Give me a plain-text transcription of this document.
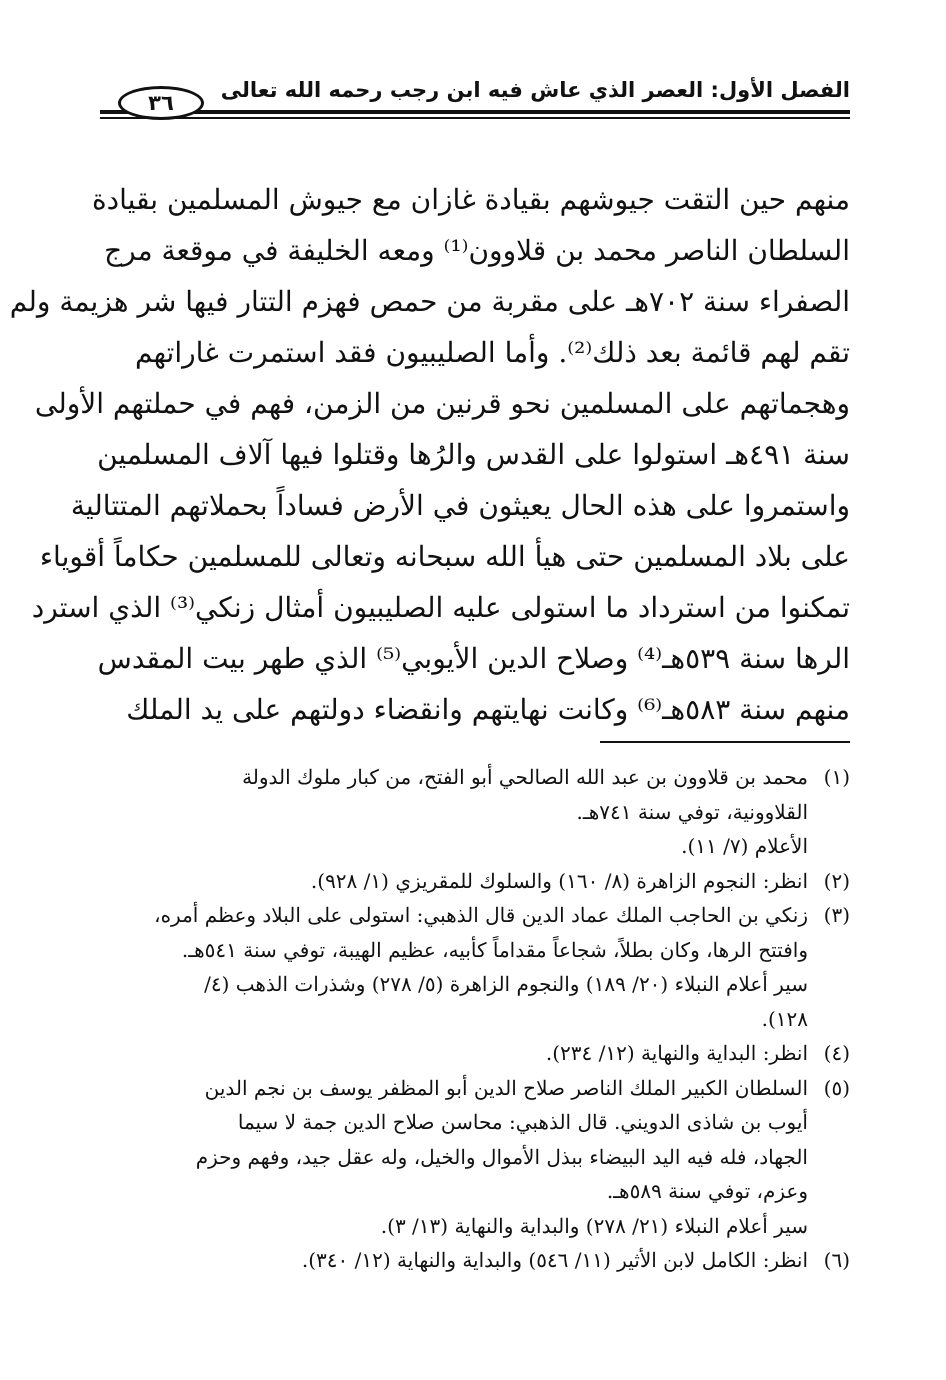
الفصل الأول: العصر الذي عاش فيه ابن رجب رحمه الله تعالى
٣٦
منهم حين التقت جيوشهم بقيادة غازان مع جيوش المسلمين بقيادة
السلطان الناصر محمد بن قلاوون⁽¹⁾ ومعه الخليفة في موقعة مرج
الصفراء سنة ٧٠٢هـ على مقربة من حمص فهزم التتار فيها شر هزيمة ولم
تقم لهم قائمة بعد ذلك⁽²⁾. وأما الصليبيون فقد استمرت غاراتهم
وهجماتهم على المسلمين نحو قرنين من الزمن، فهم في حملتهم الأولى
سنة ٤٩١هـ استولوا على القدس والرُها وقتلوا فيها آلاف المسلمين
واستمروا على هذه الحال يعيثون في الأرض فساداً بحملاتهم المتتالية
على بلاد المسلمين حتى هيأ الله سبحانه وتعالى للمسلمين حكاماً أقوياء
تمكنوا من استرداد ما استولى عليه الصليبيون أمثال زنكي⁽³⁾ الذي استرد
الرها سنة ٥٣٩هـ⁽⁴⁾ وصلاح الدين الأيوبي⁽⁵⁾ الذي طهر بيت المقدس
منهم سنة ٥٨٣هـ⁽⁶⁾ وكانت نهايتهم وانقضاء دولتهم على يد الملك
(١)
محمد بن قلاوون بن عبد الله الصالحي أبو الفتح، من كبار ملوك الدولة
القلاوونية، توفي سنة ٧٤١هـ.
الأعلام (٧/ ١١).
(٢)
انظر: النجوم الزاهرة (٨/ ١٦٠) والسلوك للمقريزي (١/ ٩٢٨).
(٣)
زنكي بن الحاجب الملك عماد الدين قال الذهبي: استولى على البلاد وعظم أمره،
وافتتح الرها، وكان بطلاً، شجاعاً مقداماً كأبيه، عظيم الهيبة، توفي سنة ٥٤١هـ.
سير أعلام النبلاء (٢٠/ ١٨٩) والنجوم الزاهرة (٥/ ٢٧٨) وشذرات الذهب (٤/
١٢٨).
(٤)
انظر: البداية والنهاية (١٢/ ٢٣٤).
(٥)
السلطان الكبير الملك الناصر صلاح الدين أبو المظفر يوسف بن نجم الدين
أيوب بن شاذى الدويني. قال الذهبي: محاسن صلاح الدين جمة لا سيما
الجهاد، فله فيه اليد البيضاء ببذل الأموال والخيل، وله عقل جيد، وفهم وحزم
وعزم، توفي سنة ٥٨٩هـ.
سير أعلام النبلاء (٢١/ ٢٧٨) والبداية والنهاية (١٣/ ٣).
(٦)
انظر: الكامل لابن الأثير (١١/ ٥٤٦) والبداية والنهاية (١٢/ ٣٤٠).
